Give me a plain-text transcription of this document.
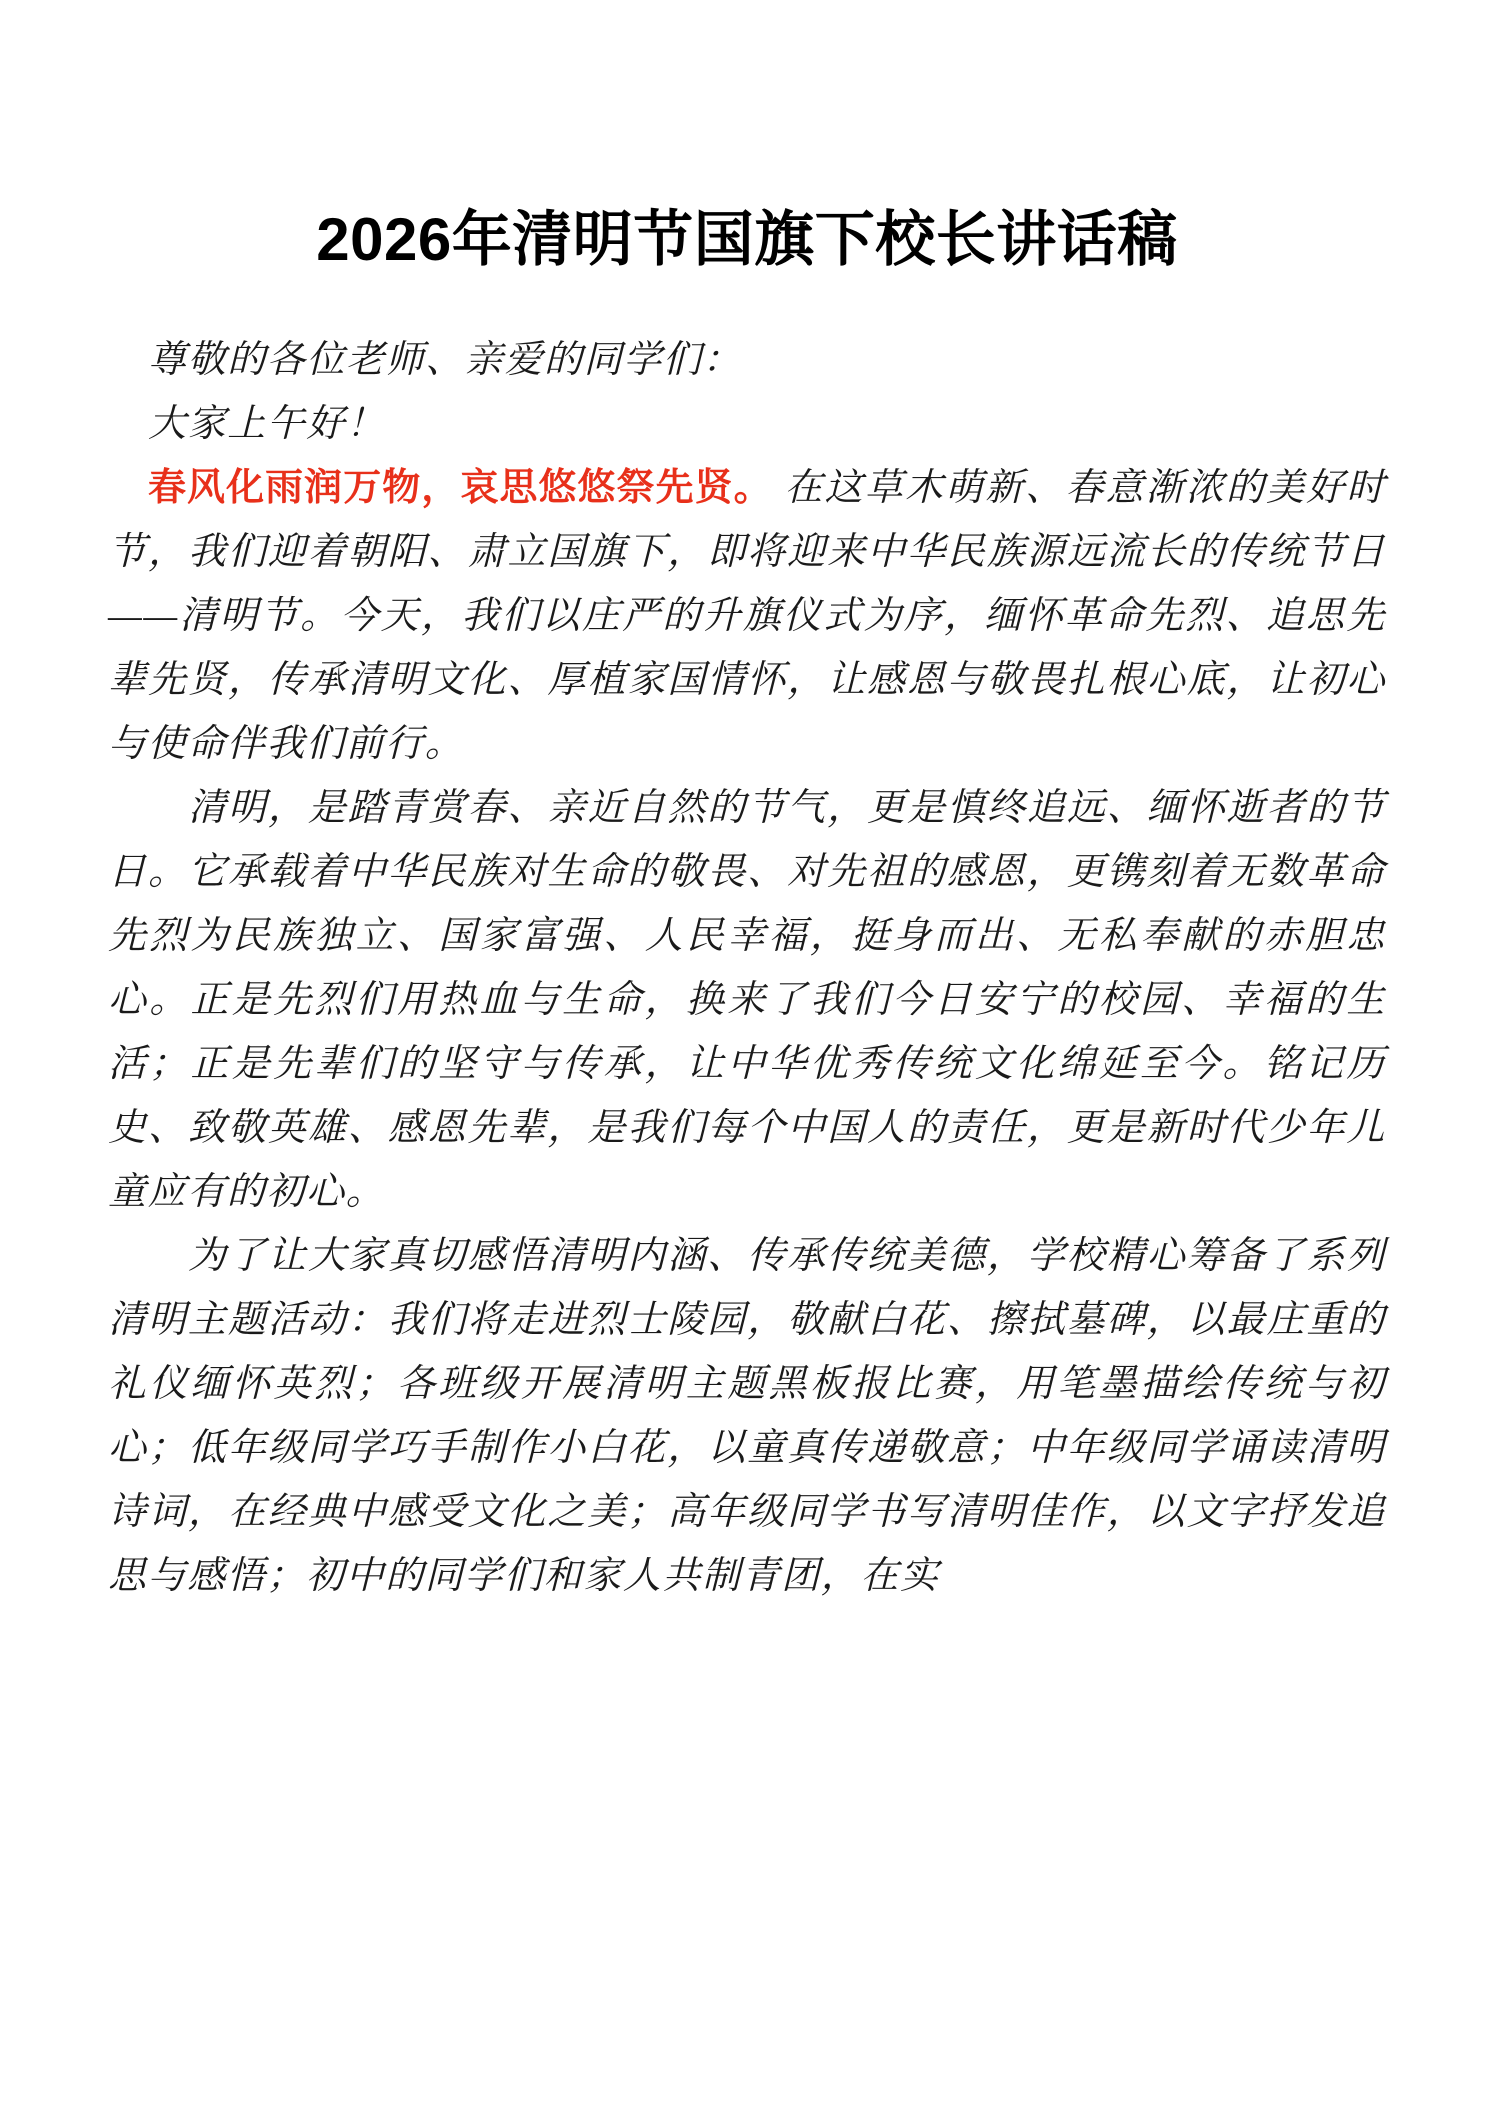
2026年清明节国旗下校长讲话稿

尊敬的各位老师、亲爱的同学们：

大家上午好！

春风化雨润万物，哀思悠悠祭先贤。 在这草木萌新、春意渐浓的美好时节，我们迎着朝阳、肃立国旗下，即将迎来中华民族源远流长的传统节日——清明节。今天，我们以庄严的升旗仪式为序，缅怀革命先烈、追思先辈先贤，传承清明文化、厚植家国情怀，让感恩与敬畏扎根心底，让初心与使命伴我们前行。

清明，是踏青赏春、亲近自然的节气，更是慎终追远、缅怀逝者的节日。它承载着中华民族对生命的敬畏、对先祖的感恩，更镌刻着无数革命先烈为民族独立、国家富强、人民幸福，挺身而出、无私奉献的赤胆忠心。正是先烈们用热血与生命，换来了我们今日安宁的校园、幸福的生活；正是先辈们的坚守与传承，让中华优秀传统文化绵延至今。铭记历史、致敬英雄、感恩先辈，是我们每个中国人的责任，更是新时代少年儿童应有的初心。

为了让大家真切感悟清明内涵、传承传统美德，学校精心筹备了系列清明主题活动：我们将走进烈士陵园，敬献白花、擦拭墓碑，以最庄重的礼仪缅怀英烈；各班级开展清明主题黑板报比赛，用笔墨描绘传统与初心；低年级同学巧手制作小白花，以童真传递敬意；中年级同学诵读清明诗词，在经典中感受文化之美；高年级同学书写清明佳作，以文字抒发追思与感悟；初中的同学们和家人共制青团，在实
